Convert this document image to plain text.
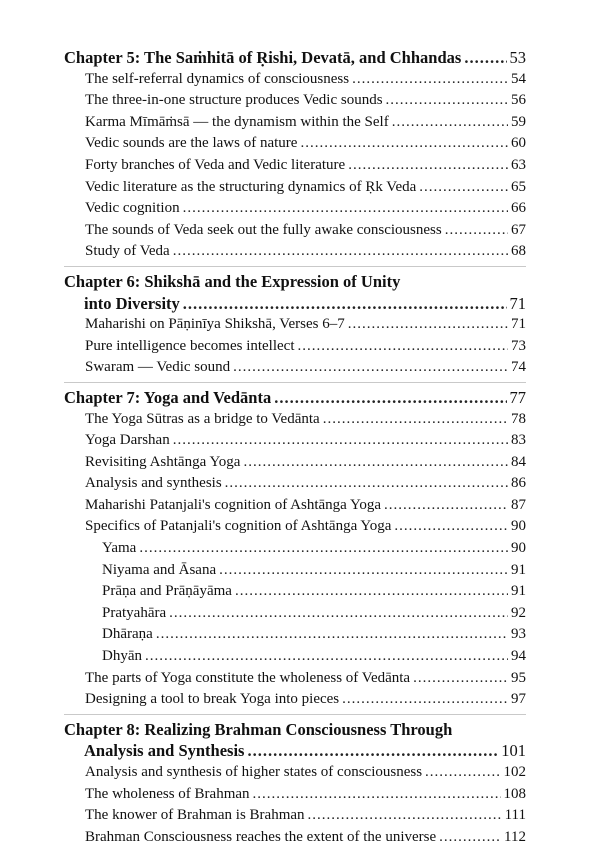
Chapter 5: The Saṁhitā of Ṛishi, Devatā, and Chhandas .....	53
The self-referral dynamics of consciousness .....	54
The three-in-one structure produces Vedic sounds .....	56
Karma Mīmāṁsā — the dynamism within the Self .....	59
Vedic sounds are the laws of nature .....	60
Forty branches of Veda and Vedic literature .....	63
Vedic literature as the structuring dynamics of Ṛk Veda .....	65
Vedic cognition .....	66
The sounds of Veda seek out the fully awake consciousness .....	67
Study of Veda .....	68
Chapter 6: Shikshā and the Expression of Unity
into Diversity .....	71
Maharishi on Pāṇinīya Shikshā, Verses 6–7 .....	71
Pure intelligence becomes intellect .....	73
Swaram — Vedic sound .....	74
Chapter 7: Yoga and Vedānta .....	77
The Yoga Sūtras as a bridge to Vedānta .....	78
Yoga Darshan .....	83
Revisiting Ashtānga Yoga .....	84
Analysis and synthesis .....	86
Maharishi Patanjali's cognition of Ashtānga Yoga .....	87
Specifics of Patanjali's cognition of Ashtānga Yoga .....	90
Yama .....	90
Niyama and Āsana .....	91
Prāṇa and Prāṇāyāma .....	91
Pratyahāra .....	92
Dhāraṇa .....	93
Dhyān .....	94
The parts of Yoga constitute the wholeness of Vedānta .....	95
Designing a tool to break Yoga into pieces .....	97
Chapter 8: Realizing Brahman Consciousness Through
Analysis and Synthesis .....	101
Analysis and synthesis of higher states of consciousness .....	102
The wholeness of Brahman .....	108
The knower of Brahman is Brahman .....	111
Brahman Consciousness reaches the extent of the universe .....	112
